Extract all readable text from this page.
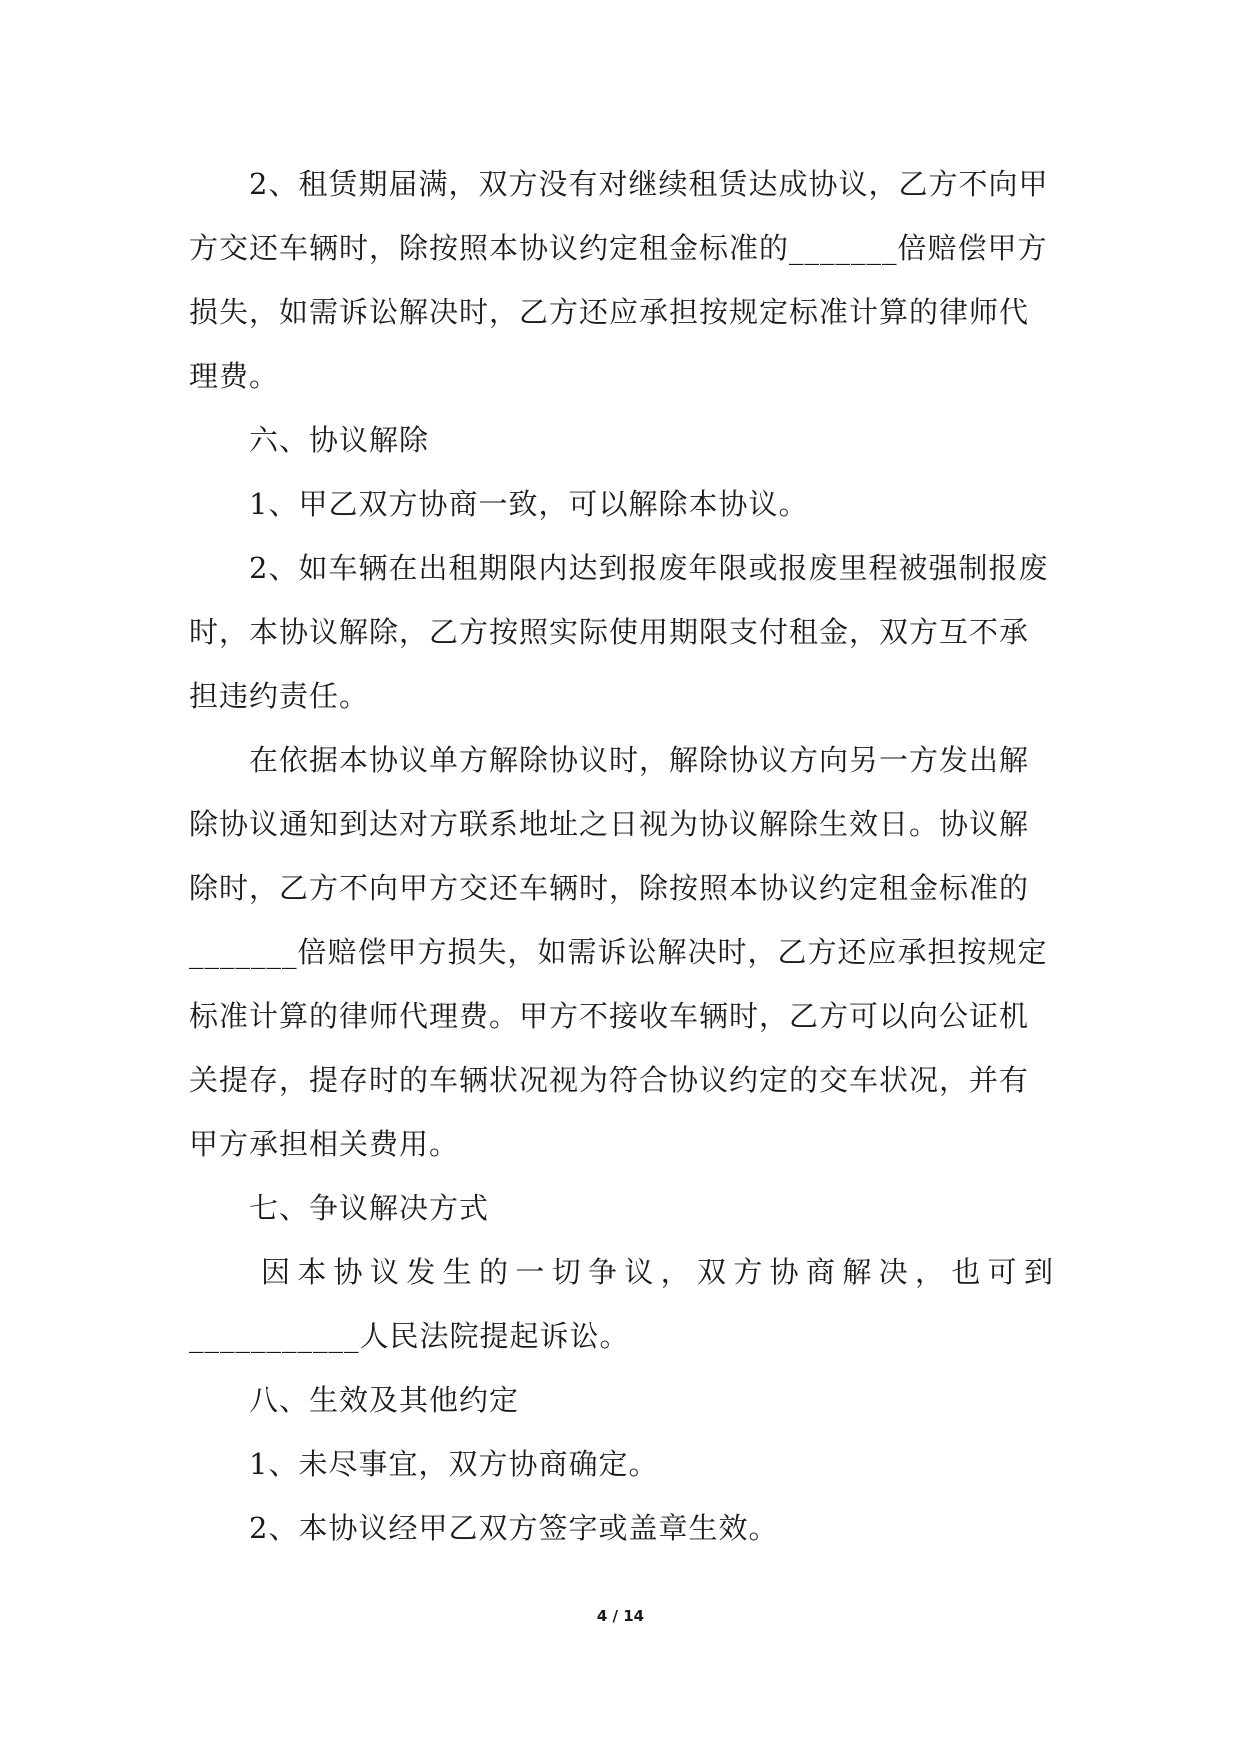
2、租赁期届满，双方没有对继续租赁达成协议，乙方不向甲方交还车辆时，除按照本协议约定租金标准的_______倍赔偿甲方损失，如需诉讼解决时，乙方还应承担按规定标准计算的律师代理费。

六、协议解除

1、甲乙双方协商一致，可以解除本协议。

2、如车辆在出租期限内达到报废年限或报废里程被强制报废时，本协议解除，乙方按照实际使用期限支付租金，双方互不承担违约责任。

在依据本协议单方解除协议时，解除协议方向另一方发出解除协议通知到达对方联系地址之日视为协议解除生效日。协议解除时，乙方不向甲方交还车辆时，除按照本协议约定租金标准的_______倍赔偿甲方损失，如需诉讼解决时，乙方还应承担按规定标准计算的律师代理费。甲方不接收车辆时，乙方可以向公证机关提存，提存时的车辆状况视为符合协议约定的交车状况，并有甲方承担相关费用。

七、争议解决方式

因本协议发生的一切争议，双方协商解决，也可到

___________人民法院提起诉讼。

八、生效及其他约定

1、未尽事宜，双方协商确定。

2、本协议经甲乙双方签字或盖章生效。

4 / 14
